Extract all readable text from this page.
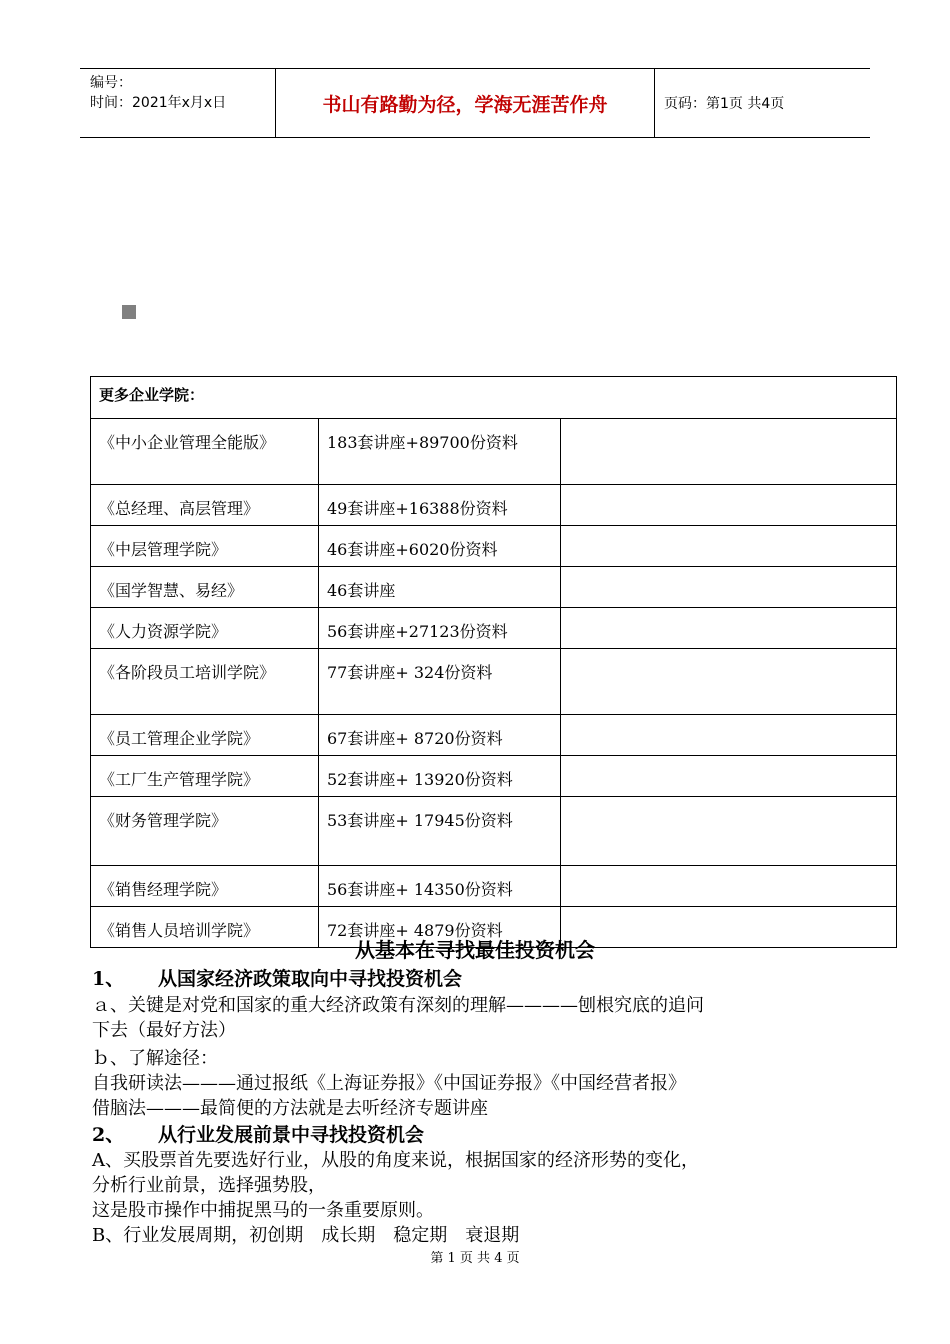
编号：
时间：2021年x月x日	书山有路勤为径，学海无涯苦作舟	页码：第1页 共4页
更多企业学院：		
《中小企业管理全能版》	183套讲座+89700份资料	
《总经理、高层管理》	49套讲座+16388份资料	
《中层管理学院》	46套讲座+6020份资料	
《国学智慧、易经》	46套讲座	
《人力资源学院》	56套讲座+27123份资料	
《各阶段员工培训学院》	77套讲座+ 324份资料	
《员工管理企业学院》	67套讲座+ 8720份资料	
《工厂生产管理学院》	52套讲座+ 13920份资料	
《财务管理学院》	53套讲座+ 17945份资料	
《销售经理学院》	56套讲座+ 14350份资料	
《销售人员培训学院》	72套讲座+ 4879份资料	
从基本在寻找最佳投资机会
1、 从国家经济政策取向中寻找投资机会
ａ、关键是对党和国家的重大经济政策有深刻的理解————刨根究底的追问
下去（最好方法）
ｂ、了解途径：
自我研读法———通过报纸《上海证券报》《中国证券报》《中国经营者报》
借脑法———最简便的方法就是去听经济专题讲座
2、 从行业发展前景中寻找投资机会
A、买股票首先要选好行业，从股的角度来说，根据国家的经济形势的变化，
分析行业前景，选择强势股，
这是股市操作中捕捉黑马的一条重要原则。
B、行业发展周期，初创期　成长期　稳定期　衰退期
第 1 页 共 4 页
